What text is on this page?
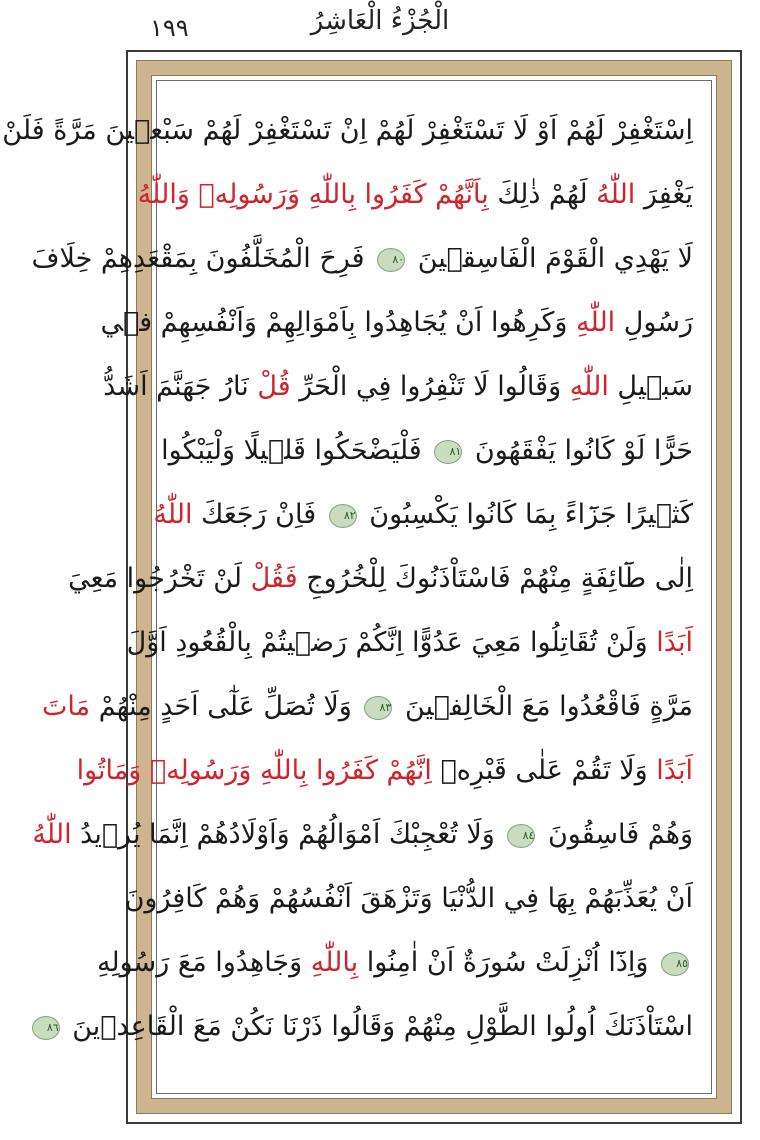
١٩٩	الْجُزْءُ الْعَاشِرُ
اِسْتَغْفِرْ لَهُمْ اَوْ لَا تَسْتَغْفِرْ لَهُمْ اِنْ تَسْتَغْفِرْ لَهُمْ سَبْع۪ينَ مَرَّةً فَلَنْ
يَغْفِرَ اللّٰهُ لَهُمْ ذٰلِكَ بِاَنَّهُمْ كَفَرُوا بِاللّٰهِ وَرَسُولِه۪ وَاللّٰهُ
لَا يَهْدِي الْقَوْمَ الْفَاسِق۪ينَ ٨٠ فَرِحَ الْمُخَلَّفُونَ بِمَقْعَدِهِمْ خِلَافَ
رَسُولِ اللّٰهِ وَكَرِهُوا اَنْ يُجَاهِدُوا بِاَمْوَالِهِمْ وَاَنْفُسِهِمْ ف۪ي
سَب۪يلِ اللّٰهِ وَقَالُوا لَا تَنْفِرُوا فِي الْحَرِّ قُلْ نَارُ جَهَنَّمَ اَشَدُّ
حَرًّا لَوْ كَانُوا يَفْقَهُونَ ٨١ فَلْيَضْحَكُوا قَل۪يلًا وَلْيَبْكُوا
كَث۪يرًا جَزَٓاءً بِمَا كَانُوا يَكْسِبُونَ ٨٢ فَاِنْ رَجَعَكَ اللّٰهُ
اِلٰى طَٓائِفَةٍ مِنْهُمْ فَاسْتَاْذَنُوكَ لِلْخُرُوجِ فَقُلْ لَنْ تَخْرُجُوا مَعِيَ
اَبَدًا وَلَنْ تُقَاتِلُوا مَعِيَ عَدُوًّا اِنَّكُمْ رَض۪يتُمْ بِالْقُعُودِ اَوَّلَ
مَرَّةٍ فَاقْعُدُوا مَعَ الْخَالِف۪ينَ ٨٣ وَلَا تُصَلِّ عَلٰٓى اَحَدٍ مِنْهُمْ مَاتَ
اَبَدًا وَلَا تَقُمْ عَلٰى قَبْرِه۪ اِنَّهُمْ كَفَرُوا بِاللّٰهِ وَرَسُولِه۪ وَمَاتُوا
وَهُمْ فَاسِقُونَ ٨٤ وَلَا تُعْجِبْكَ اَمْوَالُهُمْ وَاَوْلَادُهُمْ اِنَّمَا يُر۪يدُ اللّٰهُ
اَنْ يُعَذِّبَهُمْ بِهَا فِي الدُّنْيَا وَتَزْهَقَ اَنْفُسُهُمْ وَهُمْ كَافِرُونَ
٨٥ وَاِذَٓا اُنْزِلَتْ سُورَةٌ اَنْ اٰمِنُوا بِاللّٰهِ وَجَاهِدُوا مَعَ رَسُولِهِ
اسْتَاْذَنَكَ اُولُوا الطَّوْلِ مِنْهُمْ وَقَالُوا ذَرْنَا نَكُنْ مَعَ الْقَاعِد۪ينَ ٨٦
